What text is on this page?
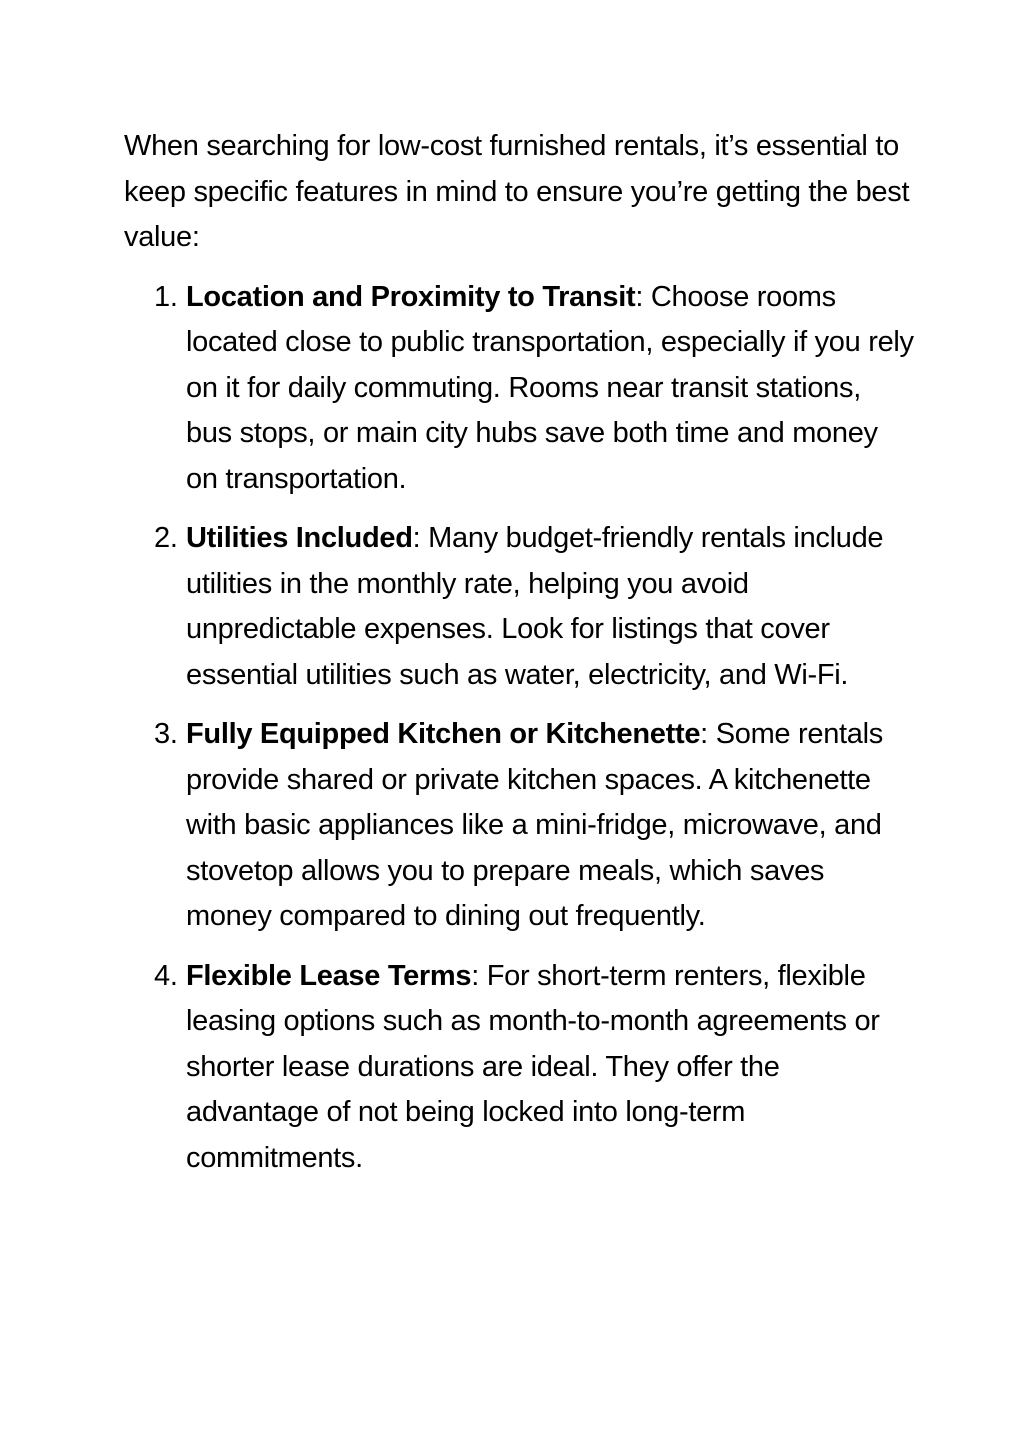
When searching for low-cost furnished rentals, it’s essential to keep specific features in mind to ensure you’re getting the best value:

1. Location and Proximity to Transit: Choose rooms located close to public transportation, especially if you rely on it for daily commuting. Rooms near transit stations, bus stops, or main city hubs save both time and money on transportation.
2. Utilities Included: Many budget-friendly rentals include utilities in the monthly rate, helping you avoid unpredictable expenses. Look for listings that cover essential utilities such as water, electricity, and Wi-Fi.
3. Fully Equipped Kitchen or Kitchenette: Some rentals provide shared or private kitchen spaces. A kitchenette with basic appliances like a mini-fridge, microwave, and stovetop allows you to prepare meals, which saves money compared to dining out frequently.
4. Flexible Lease Terms: For short-term renters, flexible leasing options such as month-to-month agreements or shorter lease durations are ideal. They offer the advantage of not being locked into long-term commitments.
